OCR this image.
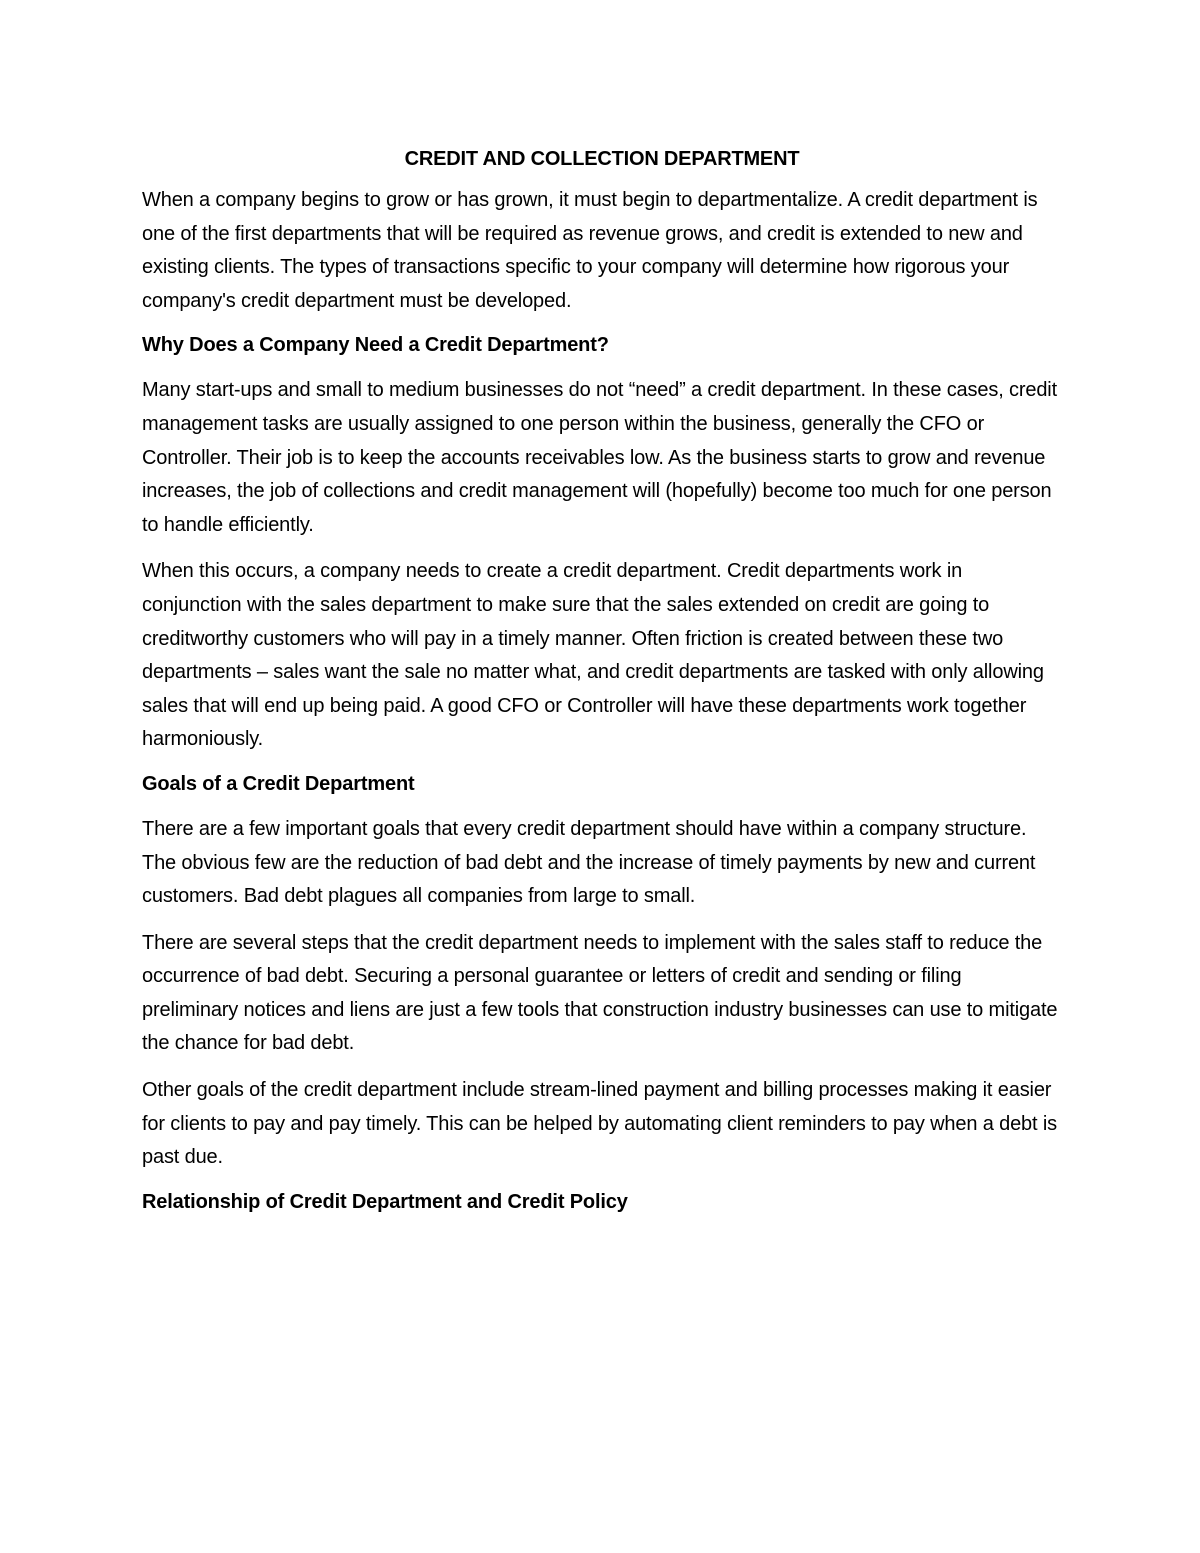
CREDIT AND COLLECTION DEPARTMENT

When a company begins to grow or has grown, it must begin to departmentalize. A credit department is one of the first departments that will be required as revenue grows, and credit is extended to new and existing clients. The types of transactions specific to your company will determine how rigorous your company's credit department must be developed.

Why Does a Company Need a Credit Department?

Many start-ups and small to medium businesses do not “need” a credit department. In these cases, credit management tasks are usually assigned to one person within the business, generally the CFO or Controller. Their job is to keep the accounts receivables low. As the business starts to grow and revenue increases, the job of collections and credit management will (hopefully) become too much for one person to handle efficiently.

When this occurs, a company needs to create a credit department. Credit departments work in conjunction with the sales department to make sure that the sales extended on credit are going to creditworthy customers who will pay in a timely manner. Often friction is created between these two departments – sales want the sale no matter what, and credit departments are tasked with only allowing sales that will end up being paid. A good CFO or Controller will have these departments work together harmoniously.

Goals of a Credit Department

There are a few important goals that every credit department should have within a company structure. The obvious few are the reduction of bad debt and the increase of timely payments by new and current customers. Bad debt plagues all companies from large to small.

There are several steps that the credit department needs to implement with the sales staff to reduce the occurrence of bad debt. Securing a personal guarantee or letters of credit and sending or filing preliminary notices and liens are just a few tools that construction industry businesses can use to mitigate the chance for bad debt.

Other goals of the credit department include stream-lined payment and billing processes making it easier for clients to pay and pay timely. This can be helped by automating client reminders to pay when a debt is past due.

Relationship of Credit Department and Credit Policy
